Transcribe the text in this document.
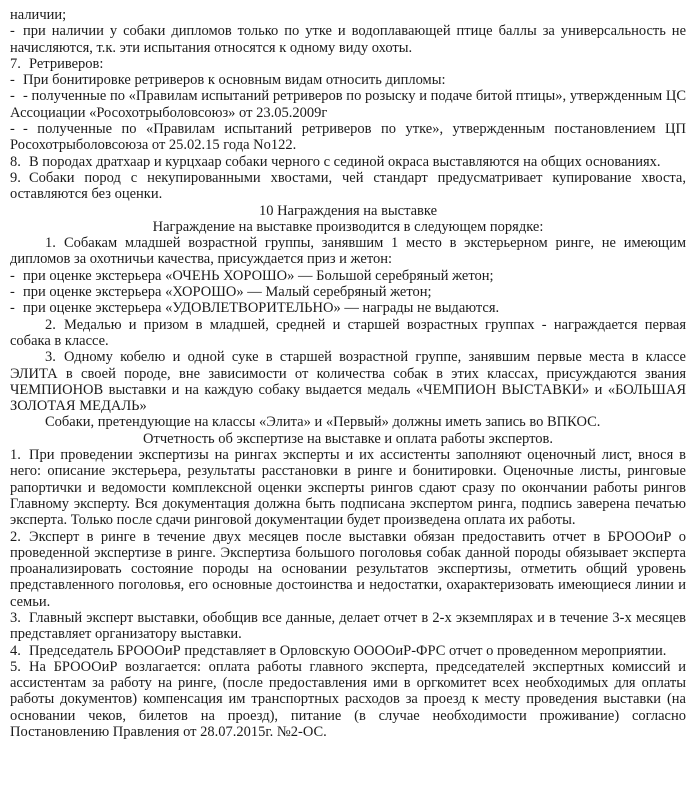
наличии;

- при наличии у собаки дипломов только по утке и водоплавающей птице баллы за универсальность не начисляются, т.к. эти испытания относятся к одному виду охоты.

7. Ретриверов:

- При бонитировке ретриверов к основным видам относить дипломы:

- - полученные по «Правилам испытаний ретриверов по розыску и подаче битой птицы», утвержденным ЦС Ассоциации «Росохотрыболовсоюз» от 23.05.2009г

- - полученные по «Правилам испытаний ретриверов по утке», утвержденным постановлением ЦП Росохотрыболовсоюза от 25.02.15 года No122.

8. В породах дратхаар и курцхаар собаки черного с сединой окраса выставляются на общих основаниях.

9. Собаки пород с некупированными хвостами, чей стандарт предусматривает купирование хвоста, оставляются без оценки.

10 Награждения на выставке

Награждение на выставке производится в следующем порядке:

1. Собакам младшей возрастной группы, занявшим 1 место в экстерьерном ринге, не имеющим дипломов за охотничьи качества, присуждается приз и жетон:

- при оценке экстерьера «ОЧЕНЬ ХОРОШО» — Большой серебряный жетон;

- при оценке экстерьера «ХОРОШО» — Малый серебряный жетон;

- при оценке экстерьера «УДОВЛЕТВОРИТЕЛЬНО» — награды не выдаются.

2. Медалью и призом в младшей, средней и старшей возрастных группах - награждается первая собака в классе.

3. Одному кобелю и одной суке в старшей возрастной группе, занявшим первые места в классе ЭЛИТА в своей породе, вне зависимости от количества собак в этих классах, присуждаются звания ЧЕМПИОНОВ выставки и на каждую собаку выдается медаль «ЧЕМПИОН ВЫСТАВКИ» и «БОЛЬШАЯ ЗОЛОТАЯ МЕДАЛЬ»

Собаки, претендующие на классы «Элита» и «Первый» должны иметь запись во ВПКОС.

Отчетность об экспертизе на выставке и оплата работы экспертов.

1. При проведении экспертизы на рингах эксперты и их ассистенты заполняют оценочный лист, внося в него: описание экстерьера, результаты расстановки в ринге и бонитировки. Оценочные листы, ринговые рапортички и ведомости комплексной оценки эксперты рингов сдают сразу по окончании работы рингов Главному эксперту. Вся документация должна быть подписана экспертом ринга, подпись заверена печатью эксперта. Только после сдачи ринговой документации будет произведена оплата их работы.

2. Эксперт в ринге в течение двух месяцев после выставки обязан предоставить отчет в БРОООиР о проведенной экспертизе в ринге. Экспертиза большого поголовья собак данной породы обязывает эксперта проанализировать состояние породы на основании результатов экспертизы, отметить общий уровень представленного поголовья, его основные достоинства и недостатки, охарактеризовать имеющиеся линии и семьи.

3. Главный эксперт выставки, обобщив все данные, делает отчет в 2-х экземплярах и в течение 3-х месяцев представляет организатору выставки.

4. Председатель БРОООиР представляет в Орловскую ООООиР-ФРС отчет о проведенном мероприятии.

5. На БРОООиР возлагается: оплата работы главного эксперта, председателей экспертных комиссий и ассистентам за работу на ринге, (после предоставления ими в оргкомитет всех необходимых для оплаты работы документов) компенсация им транспортных расходов за проезд к месту проведения выставки (на основании чеков, билетов на проезд), питание (в случае необходимости проживание) согласно Постановлению Правления от 28.07.2015г. №2-ОС.
